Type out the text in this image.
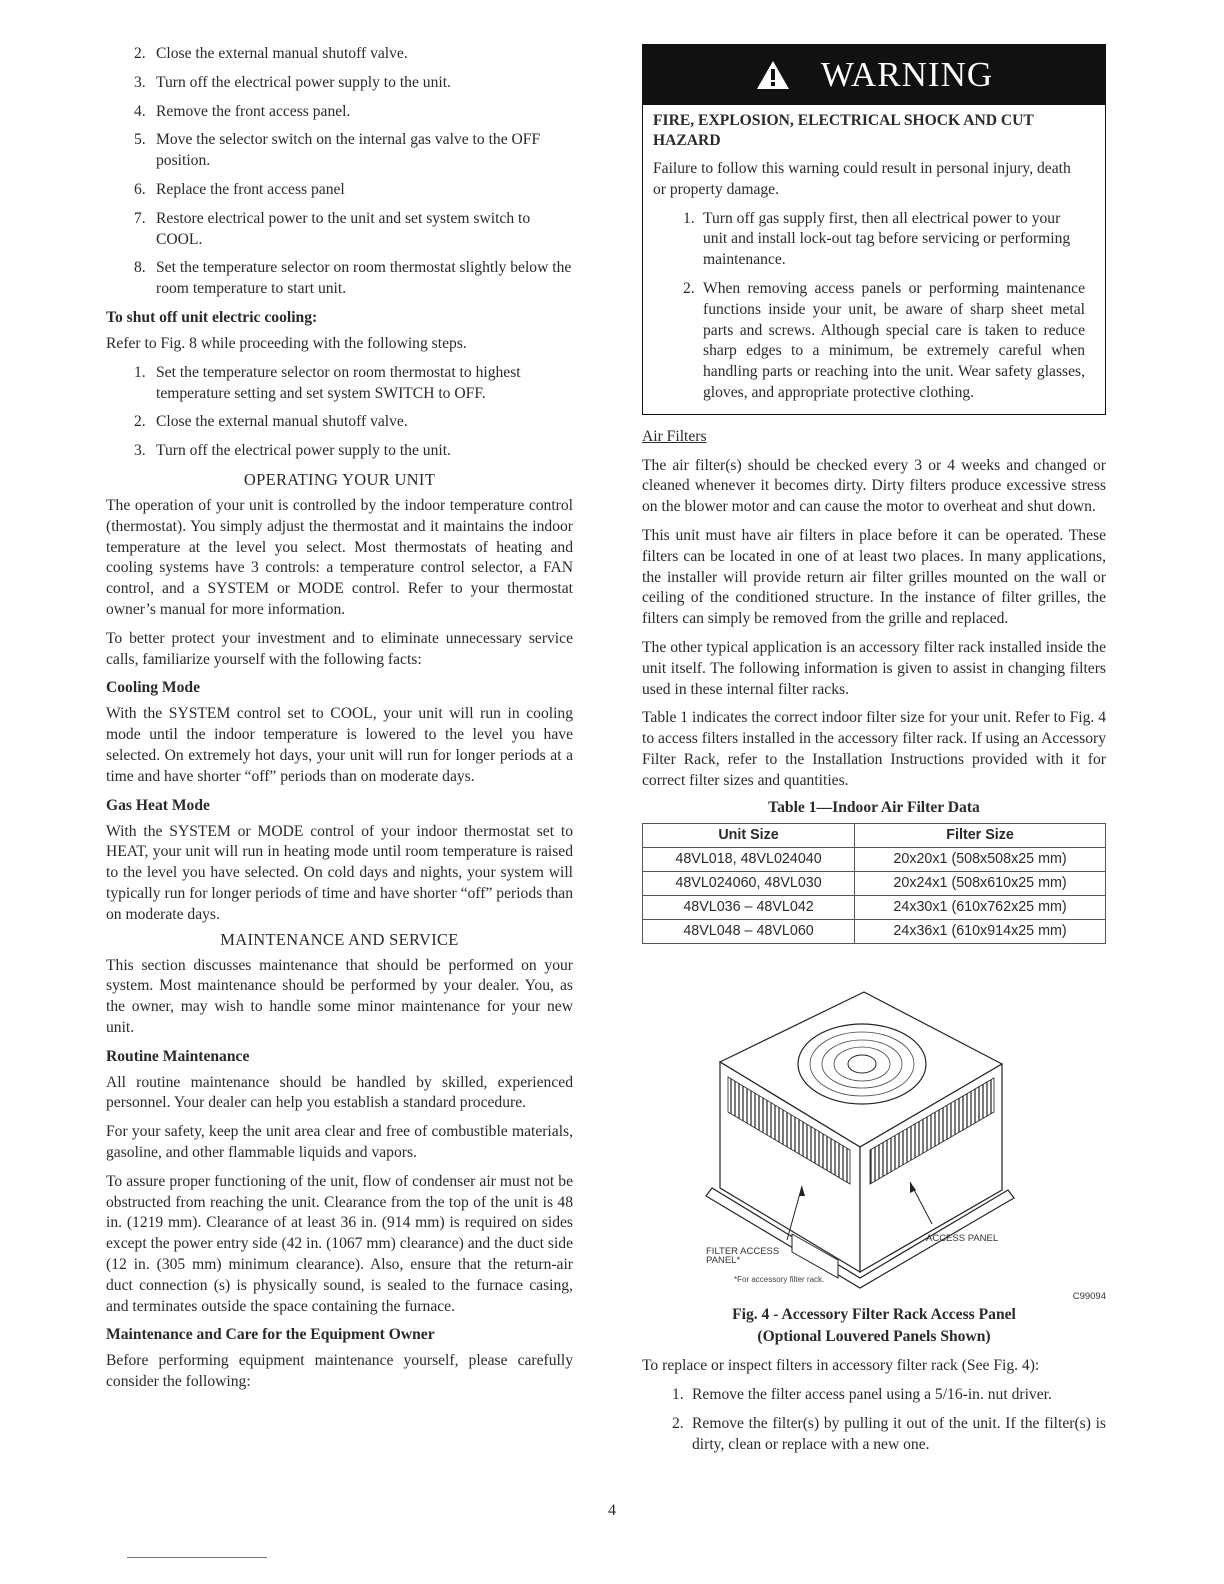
2. Close the external manual shutoff valve.
3. Turn off the electrical power supply to the unit.
4. Remove the front access panel.
5. Move the selector switch on the internal gas valve to the OFF position.
6. Replace the front access panel
7. Restore electrical power to the unit and set system switch to COOL.
8. Set the temperature selector on room thermostat slightly below the room temperature to start unit.
To shut off unit electric cooling:

Refer to Fig. 8 while proceeding with the following steps.

1. Set the temperature selector on room thermostat to highest temperature setting and set system SWITCH to OFF.
2. Close the external manual shutoff valve.
3. Turn off the electrical power supply to the unit.
OPERATING YOUR UNIT

The operation of your unit is controlled by the indoor temperature control (thermostat). You simply adjust the thermostat and it maintains the indoor temperature at the level you select. Most thermostats of heating and cooling systems have 3 controls: a temperature control selector, a FAN control, and a SYSTEM or MODE control. Refer to your thermostat owner’s manual for more information.

To better protect your investment and to eliminate unnecessary service calls, familiarize yourself with the following facts:

Cooling Mode

With the SYSTEM control set to COOL, your unit will run in cooling mode until the indoor temperature is lowered to the level you have selected. On extremely hot days, your unit will run for longer periods at a time and have shorter “off” periods than on moderate days.

Gas Heat Mode

With the SYSTEM or MODE control of your indoor thermostat set to HEAT, your unit will run in heating mode until room temperature is raised to the level you have selected. On cold days and nights, your system will typically run for longer periods of time and have shorter “off” periods than on moderate days.

MAINTENANCE AND SERVICE

This section discusses maintenance that should be performed on your system. Most maintenance should be performed by your dealer. You, as the owner, may wish to handle some minor maintenance for your new unit.

Routine Maintenance

All routine maintenance should be handled by skilled, experienced personnel. Your dealer can help you establish a standard procedure.

For your safety, keep the unit area clear and free of combustible materials, gasoline, and other flammable liquids and vapors.

To assure proper functioning of the unit, flow of condenser air must not be obstructed from reaching the unit. Clearance from the top of the unit is 48 in. (1219 mm). Clearance of at least 36 in. (914 mm) is required on sides except the power entry side (42 in. (1067 mm) clearance) and the duct side (12 in. (305 mm) minimum clearance). Also, ensure that the return-air duct connection (s) is physically sound, is sealed to the furnace casing, and terminates outside the space containing the furnace.

Maintenance and Care for the Equipment Owner

Before performing equipment maintenance yourself, please carefully consider the following:

WARNING
FIRE, EXPLOSION, ELECTRICAL SHOCK AND CUT HAZARD

Failure to follow this warning could result in personal injury, death or property damage.

1. Turn off gas supply first, then all electrical power to your unit and install lock-out tag before servicing or performing maintenance.
2. When removing access panels or performing maintenance functions inside your unit, be aware of sharp sheet metal parts and screws. Although special care is taken to reduce sharp edges to a minimum, be extremely careful when handling parts or reaching into the unit. Wear safety glasses, gloves, and appropriate protective clothing.
Air Filters

The air filter(s) should be checked every 3 or 4 weeks and changed or cleaned whenever it becomes dirty. Dirty filters produce excessive stress on the blower motor and can cause the motor to overheat and shut down.

This unit must have air filters in place before it can be operated. These filters can be located in one of at least two places. In many applications, the installer will provide return air filter grilles mounted on the wall or ceiling of the conditioned structure. In the instance of filter grilles, the filters can simply be removed from the grille and replaced.

The other typical application is an accessory filter rack installed inside the unit itself. The following information is given to assist in changing filters used in these internal filter racks.

Table 1 indicates the correct indoor filter size for your unit. Refer to Fig. 4 to access filters installed in the accessory filter rack. If using an Accessory Filter Rack, refer to the Installation Instructions provided with it for correct filter sizes and quantities.

Table 1—Indoor Air Filter Data
Unit Size	Filter Size
48VL018, 48VL024040	20x20x1 (508x508x25 mm)
48VL024060, 48VL030	20x24x1 (508x610x25 mm)
48VL036 – 48VL042	24x30x1 (610x762x25 mm)
48VL048 – 48VL060	24x36x1 (610x914x25 mm)
ACCESS PANEL
FILTER ACCESS
PANEL*
*For accessory filter rack.
C99094
Fig. 4 - Accessory Filter Rack Access Panel
(Optional Louvered Panels Shown)

To replace or inspect filters in accessory filter rack (See Fig. 4):

1. Remove the filter access panel using a 5/16-in. nut driver.
2. Remove the filter(s) by pulling it out of the unit. If the filter(s) is dirty, clean or replace with a new one.
4
